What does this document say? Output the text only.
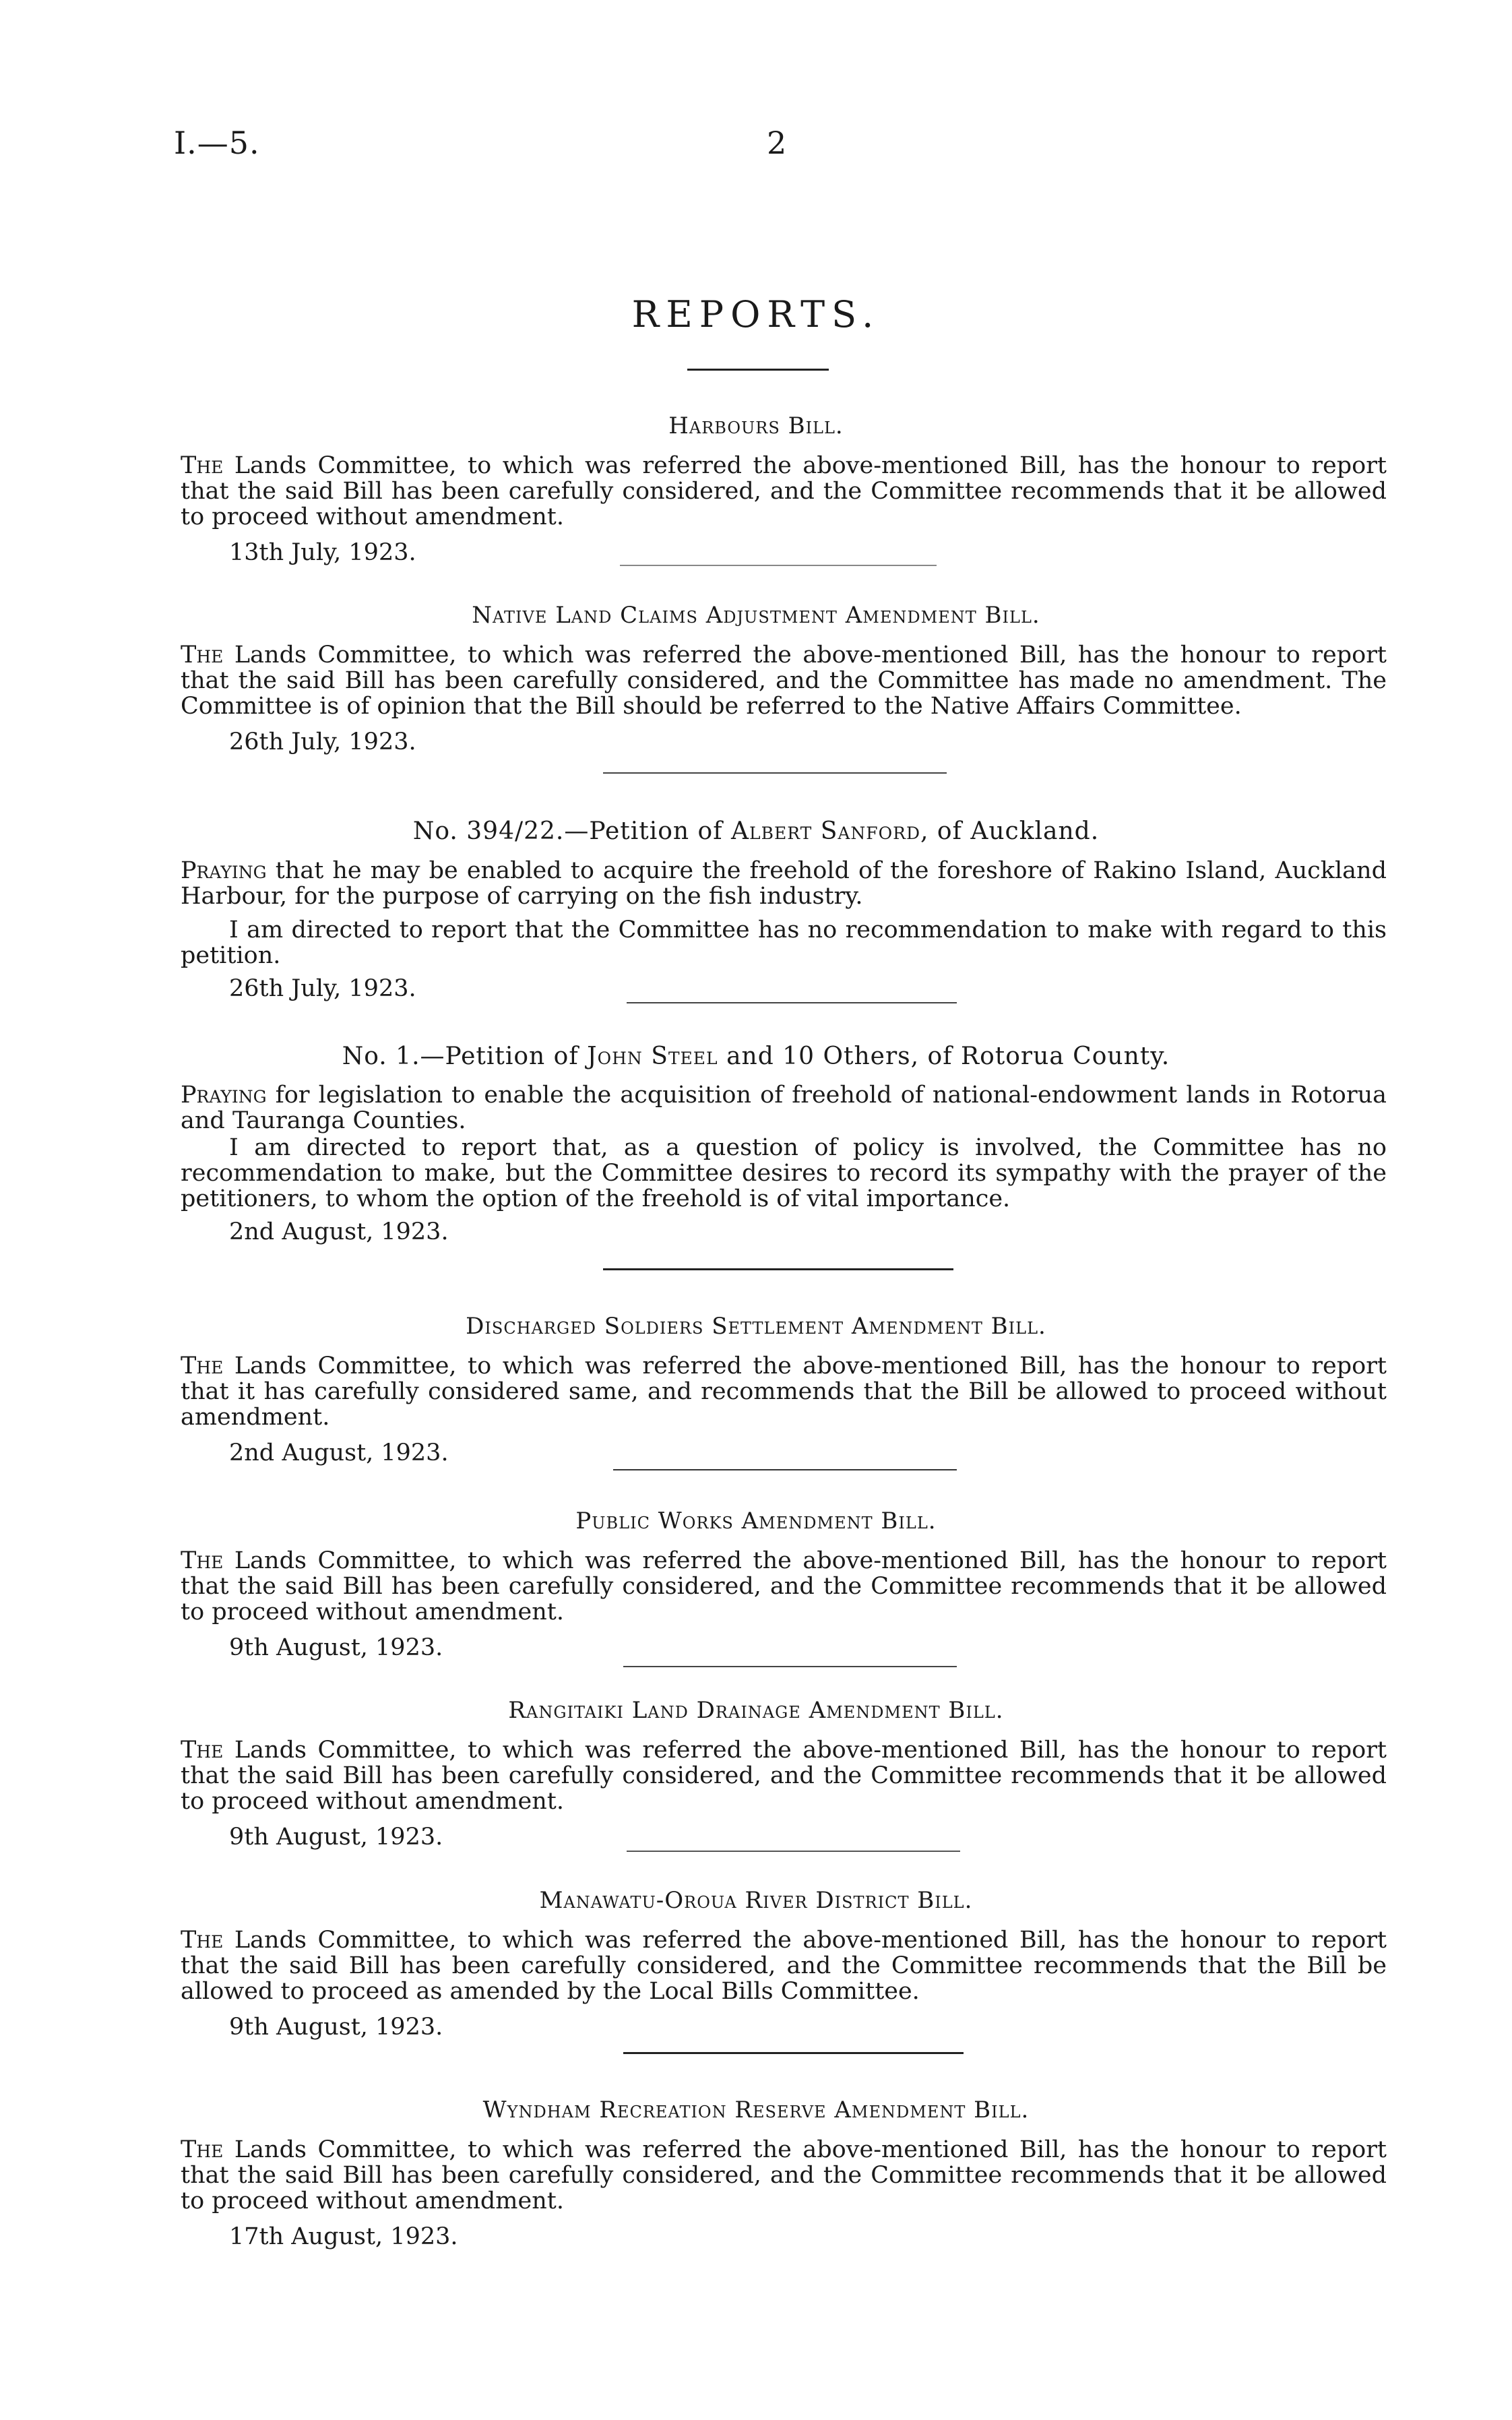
I.—5.	2
REPORTS.
Harbours Bill.
The Lands Committee, to which was referred the above-mentioned Bill, has the honour to report that the said Bill has been carefully considered, and the Committee recommends that it be allowed to proceed without amendment.
13th July, 1923.
Native Land Claims Adjustment Amendment Bill.
The Lands Committee, to which was referred the above-mentioned Bill, has the honour to report that the said Bill has been carefully considered, and the Committee has made no amendment. The Committee is of opinion that the Bill should be referred to the Native Affairs Committee.
26th July, 1923.
No. 394/22.—Petition of Albert Sanford, of Auckland.
Praying that he may be enabled to acquire the freehold of the foreshore of Rakino Island, Auckland Harbour, for the purpose of carrying on the fish industry.
I am directed to report that the Committee has no recommendation to make with regard to this petition.
26th July, 1923.
No. 1.—Petition of John Steel and 10 Others, of Rotorua County.
Praying for legislation to enable the acquisition of freehold of national-endowment lands in Rotorua and Tauranga Counties.
I am directed to report that, as a question of policy is involved, the Committee has no recommendation to make, but the Committee desires to record its sympathy with the prayer of the petitioners, to whom the option of the freehold is of vital importance.
2nd August, 1923.
Discharged Soldiers Settlement Amendment Bill.
The Lands Committee, to which was referred the above-mentioned Bill, has the honour to report that it has carefully considered same, and recommends that the Bill be allowed to proceed without amendment.
2nd August, 1923.
Public Works Amendment Bill.
The Lands Committee, to which was referred the above-mentioned Bill, has the honour to report that the said Bill has been carefully considered, and the Committee recommends that it be allowed to proceed without amendment.
9th August, 1923.
Rangitaiki Land Drainage Amendment Bill.
The Lands Committee, to which was referred the above-mentioned Bill, has the honour to report that the said Bill has been carefully considered, and the Committee recommends that it be allowed to proceed without amendment.
9th August, 1923.
Manawatu-Oroua River District Bill.
The Lands Committee, to which was referred the above-mentioned Bill, has the honour to report that the said Bill has been carefully considered, and the Committee recommends that the Bill be allowed to proceed as amended by the Local Bills Committee.
9th August, 1923.
Wyndham Recreation Reserve Amendment Bill.
The Lands Committee, to which was referred the above-mentioned Bill, has the honour to report that the said Bill has been carefully considered, and the Committee recommends that it be allowed to proceed without amendment.
17th August, 1923.
